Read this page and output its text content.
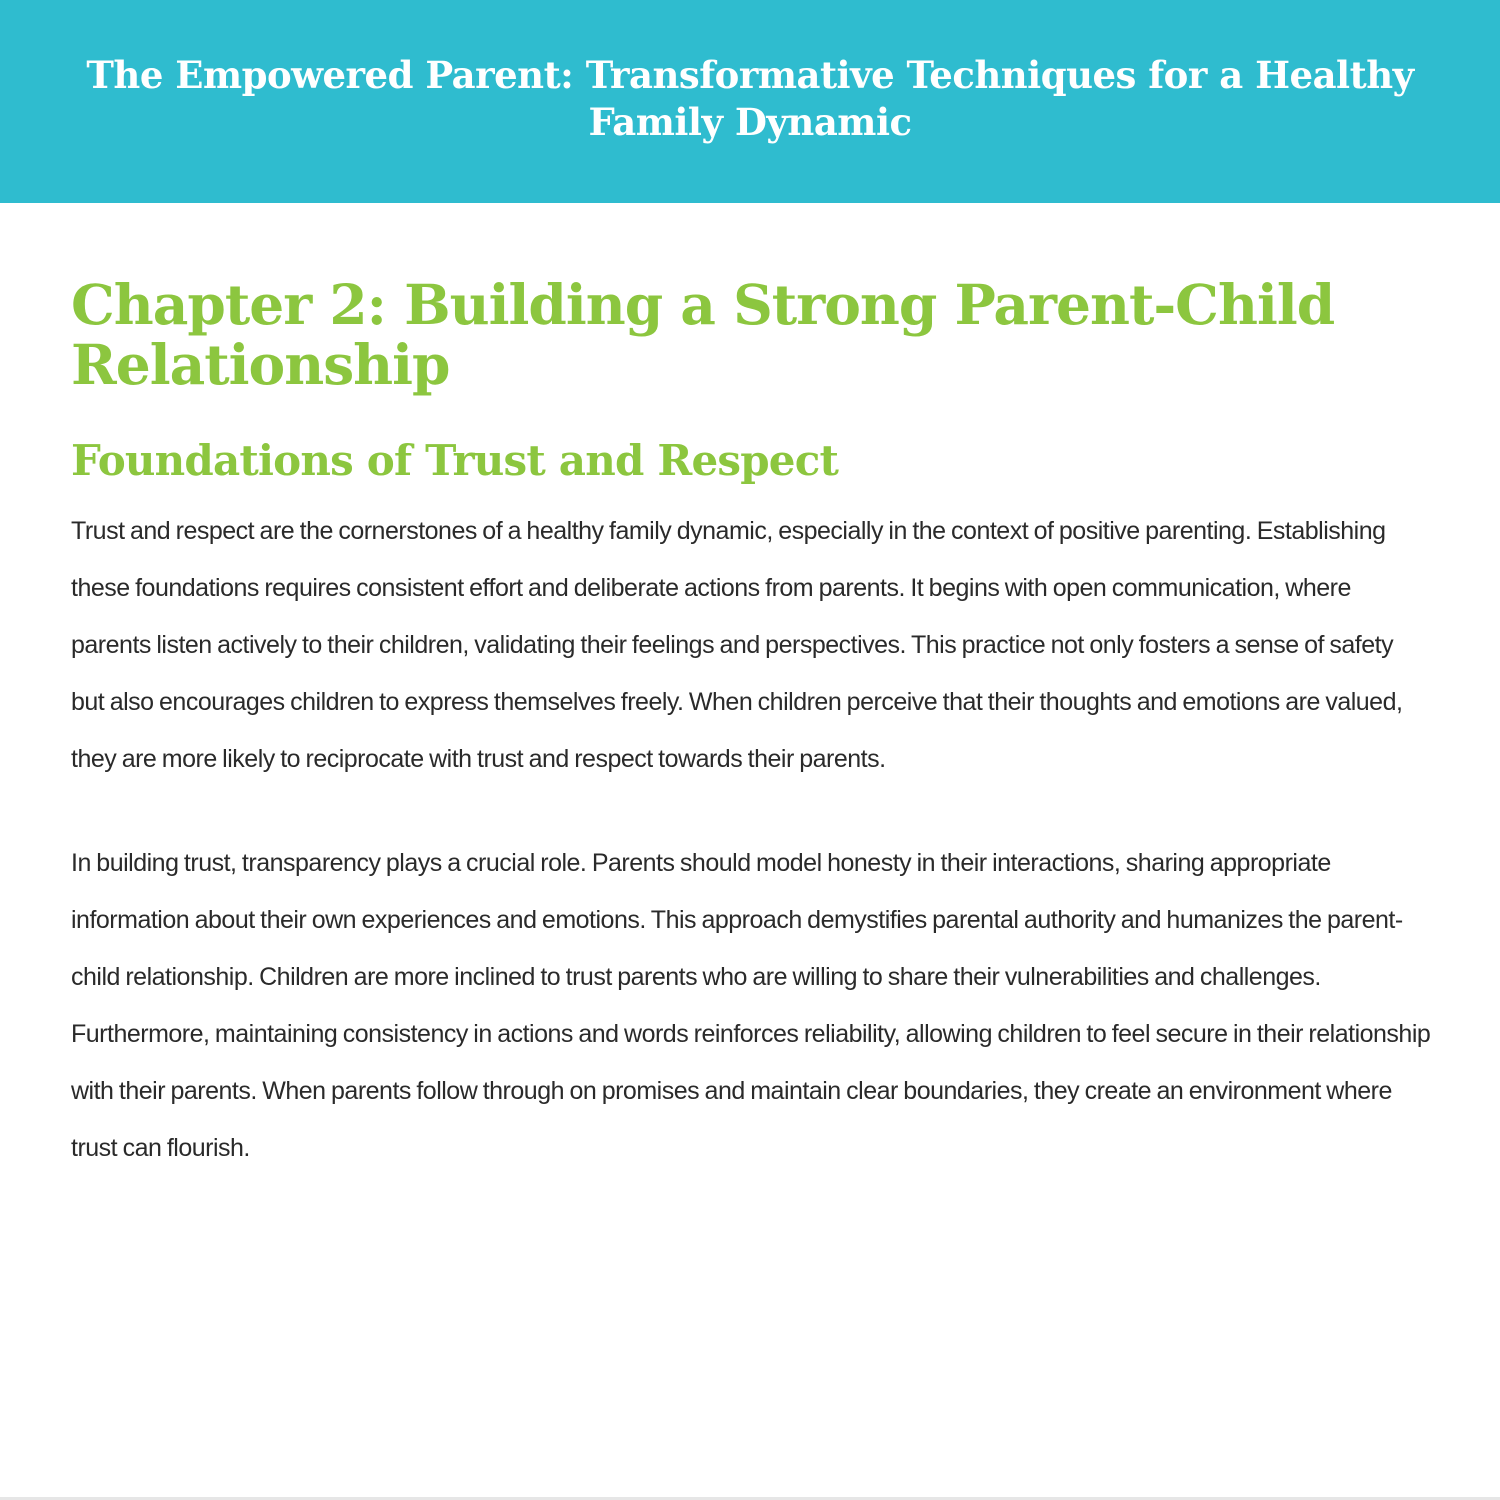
The Empowered Parent: Transformative Techniques for a Healthy Family Dynamic
Chapter 2: Building a Strong Parent-Child Relationship
Foundations of Trust and Respect

Trust and respect are the cornerstones of a healthy family dynamic, especially in the context of positive parenting. Establishing these foundations requires consistent effort and deliberate actions from parents. It begins with open communication, where parents listen actively to their children, validating their feelings and perspectives. This practice not only fosters a sense of safety but also encourages children to express themselves freely. When children perceive that their thoughts and emotions are valued, they are more likely to reciprocate with trust and respect towards their parents.

In building trust, transparency plays a crucial role. Parents should model honesty in their interactions, sharing appropriate information about their own experiences and emotions. This approach demystifies parental authority and humanizes the parent-child relationship. Children are more inclined to trust parents who are willing to share their vulnerabilities and challenges. Furthermore, maintaining consistency in actions and words reinforces reliability, allowing children to feel secure in their relationship with their parents. When parents follow through on promises and maintain clear boundaries, they create an environment where trust can flourish.
